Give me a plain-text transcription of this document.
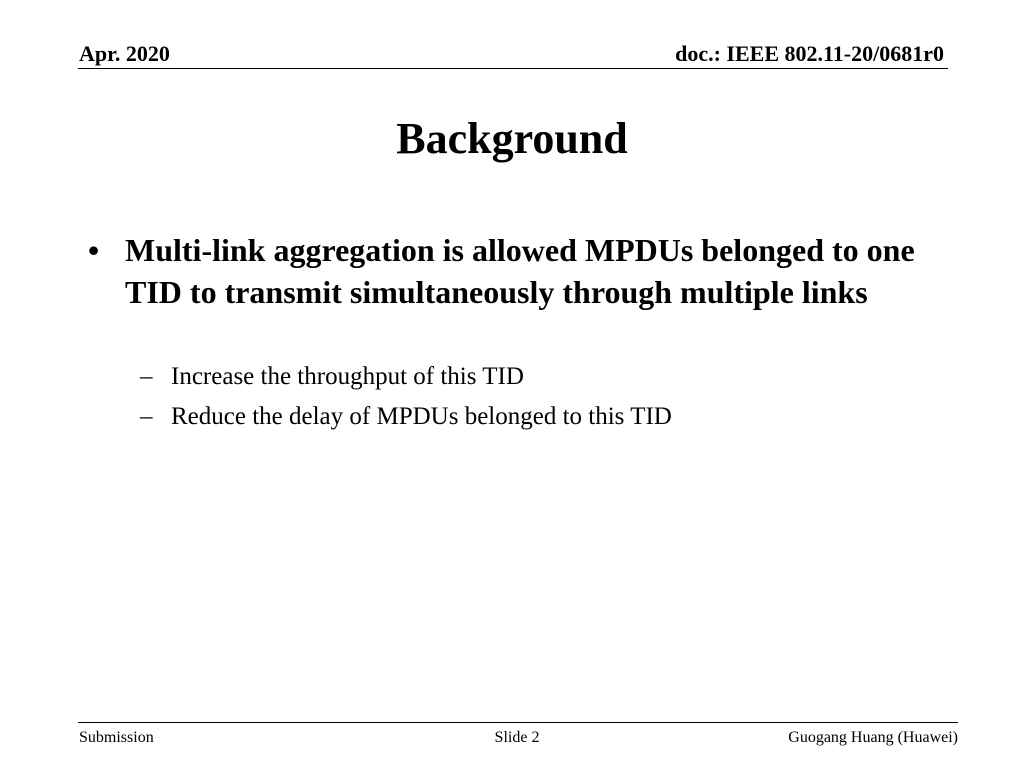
Apr. 2020	doc.: IEEE 802.11-20/0681r0
Background
• Multi-link aggregation is allowed MPDUs belonged to one TID to transmit simultaneously through multiple links
– Increase the throughput of this TID
– Reduce the delay of MPDUs belonged to this TID
Submission	Slide 2	Guogang Huang (Huawei)
